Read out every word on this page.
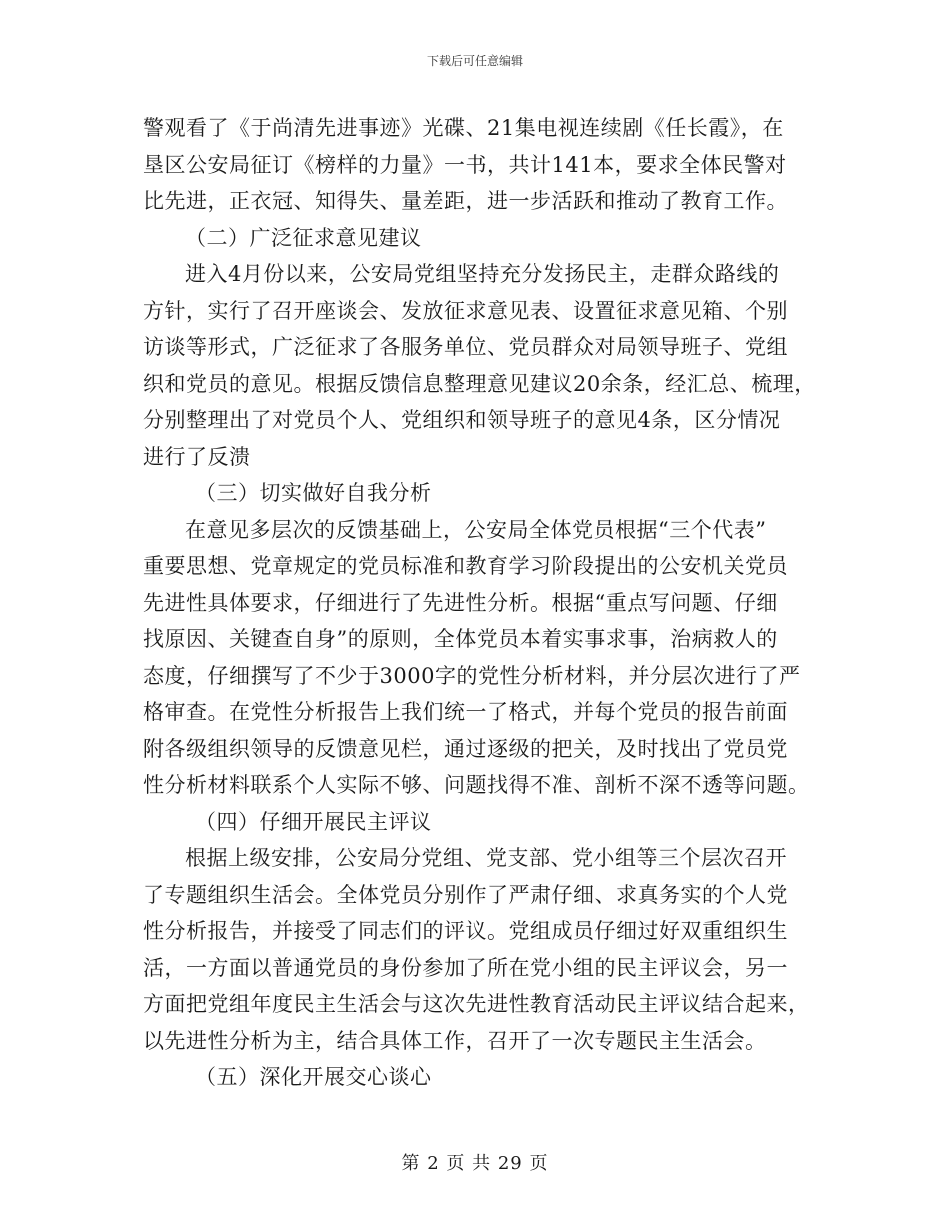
下载后可任意编辑
警观看了《于尚清先进事迹》光碟、21集电视连续剧《任长霞》，在
垦区公安局征订《榜样的力量》一书，共计141本，要求全体民警对
比先进，正衣冠、知得失、量差距，进一步活跃和推动了教育工作。
（二）广泛征求意见建议
进入4月份以来，公安局党组坚持充分发扬民主，走群众路线的
方针，实行了召开座谈会、发放征求意见表、设置征求意见箱、个别
访谈等形式，广泛征求了各服务单位、党员群众对局领导班子、党组
织和党员的意见。根据反馈信息整理意见建议20余条，经汇总、梳理，
分别整理出了对党员个人、党组织和领导班子的意见4条，区分情况
进行了反溃
（三）切实做好自我分析
在意见多层次的反馈基础上，公安局全体党员根据“三个代表”
重要思想、党章规定的党员标准和教育学习阶段提出的公安机关党员
先进性具体要求，仔细进行了先进性分析。根据“重点写问题、仔细
找原因、关键查自身”的原则，全体党员本着实事求事，治病救人的
态度，仔细撰写了不少于3000字的党性分析材料，并分层次进行了严
格审查。在党性分析报告上我们统一了格式，并每个党员的报告前面
附各级组织领导的反馈意见栏，通过逐级的把关，及时找出了党员党
性分析材料联系个人实际不够、问题找得不准、剖析不深不透等问题。
（四）仔细开展民主评议
根据上级安排，公安局分党组、党支部、党小组等三个层次召开
了专题组织生活会。全体党员分别作了严肃仔细、求真务实的个人党
性分析报告，并接受了同志们的评议。党组成员仔细过好双重组织生
活，一方面以普通党员的身份参加了所在党小组的民主评议会，另一
方面把党组年度民主生活会与这次先进性教育活动民主评议结合起来，
以先进性分析为主，结合具体工作，召开了一次专题民主生活会。
（五）深化开展交心谈心
第 2 页 共 29 页
